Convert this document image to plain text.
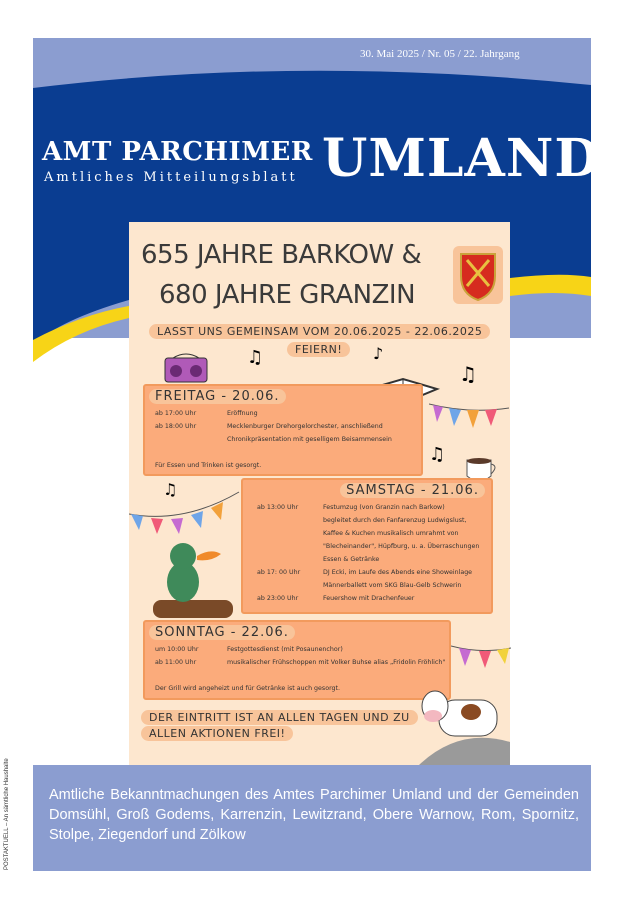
30. Mai 2025 / Nr. 05 / 22. Jahrgang
AMT PARCHIMER
Amtliches Mitteilungsblatt UMLAND
655 JAHRE BARKOW &
680 JAHRE GRANZIN
LASST UNS GEMEINSAM VOM 20.06.2025 - 22.06.2025
FEIERN!
♫	♪
♫
FREITAG - 20.06.
ab 17:00 Uhr	Eröffnung
ab 18:00 Uhr	Mecklenburger Drehorgelorchester, anschließend
Chronikpräsentation mit geselligem Beisammensein
Für Essen und Trinken ist gesorgt.
♫
♫	SAMSTAG - 21.06.
ab 13:00 Uhr	Festumzug (von Granzin nach Barkow)
begleitet durch den Fanfarenzug Ludwigslust,
Kaffee & Kuchen musikalisch umrahmt von
"Blecheinander", Hüpfburg, u. a. Überraschungen
Essen & Getränke
ab 17: 00 Uhr	DJ Ecki, im Laufe des Abends eine Showeinlage
Männerballett vom SKG Blau-Gelb Schwerin
ab 23:00 Uhr	Feuershow mit Drachenfeuer
SONNTAG - 22.06.
um 10:00 Uhr	Festgottesdienst (mit Posaunenchor)
ab 11:00 Uhr	musikalischer Frühschoppen mit Volker Buhse alias „Fridolin Fröhlich"
Der Grill wird angeheizt und für Getränke ist auch gesorgt.
DER EINTRITT IST AN ALLEN TAGEN UND ZU
ALLEN AKTIONEN FREI!

Amtliche Bekanntmachungen des Amtes Parchimer Umland und der Gemeinden Domsühl, Groß Godems, Karrenzin, Lewitzrand, Obere Warnow, Rom, Spornitz, Stolpe, Ziegendorf und Zölkow

POSTAKTUELL – An sämtliche Haushalte
